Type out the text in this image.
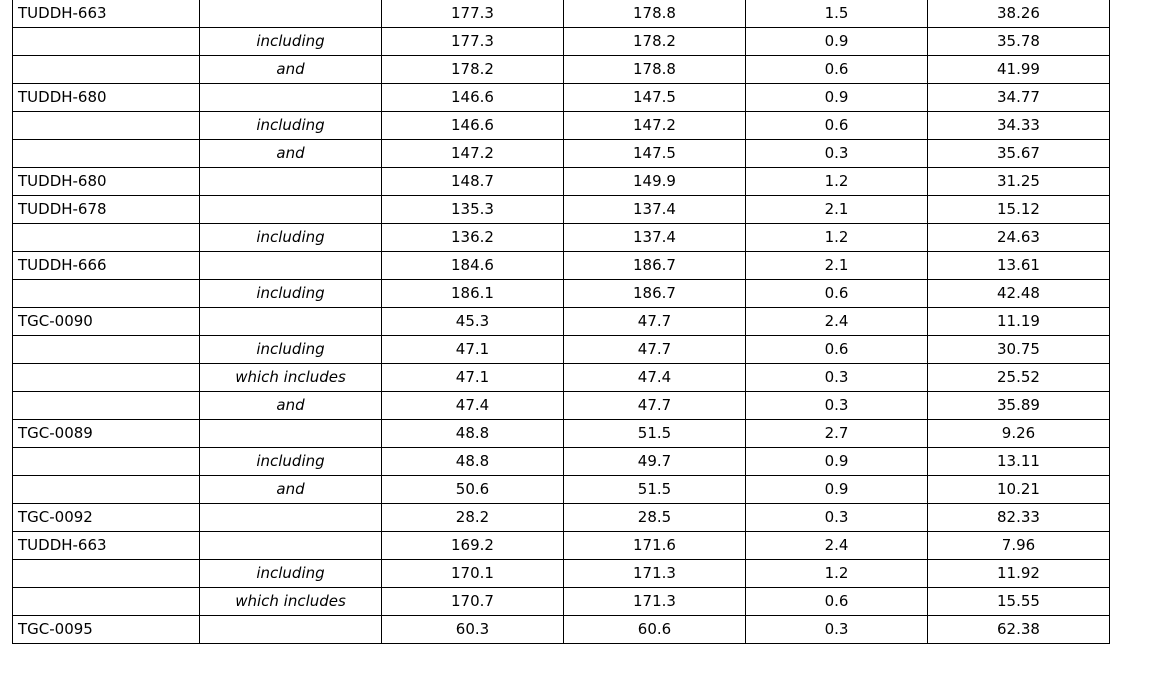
TUDDH-663		177.3	178.8	1.5	38.26
	including	177.3	178.2	0.9	35.78
	and	178.2	178.8	0.6	41.99
TUDDH-680		146.6	147.5	0.9	34.77
	including	146.6	147.2	0.6	34.33
	and	147.2	147.5	0.3	35.67
TUDDH-680		148.7	149.9	1.2	31.25
TUDDH-678		135.3	137.4	2.1	15.12
	including	136.2	137.4	1.2	24.63
TUDDH-666		184.6	186.7	2.1	13.61
	including	186.1	186.7	0.6	42.48
TGC-0090		45.3	47.7	2.4	11.19
	including	47.1	47.7	0.6	30.75
	which includes	47.1	47.4	0.3	25.52
	and	47.4	47.7	0.3	35.89
TGC-0089		48.8	51.5	2.7	9.26
	including	48.8	49.7	0.9	13.11
	and	50.6	51.5	0.9	10.21
TGC-0092		28.2	28.5	0.3	82.33
TUDDH-663		169.2	171.6	2.4	7.96
	including	170.1	171.3	1.2	11.92
	which includes	170.7	171.3	0.6	15.55
TGC-0095		60.3	60.6	0.3	62.38
